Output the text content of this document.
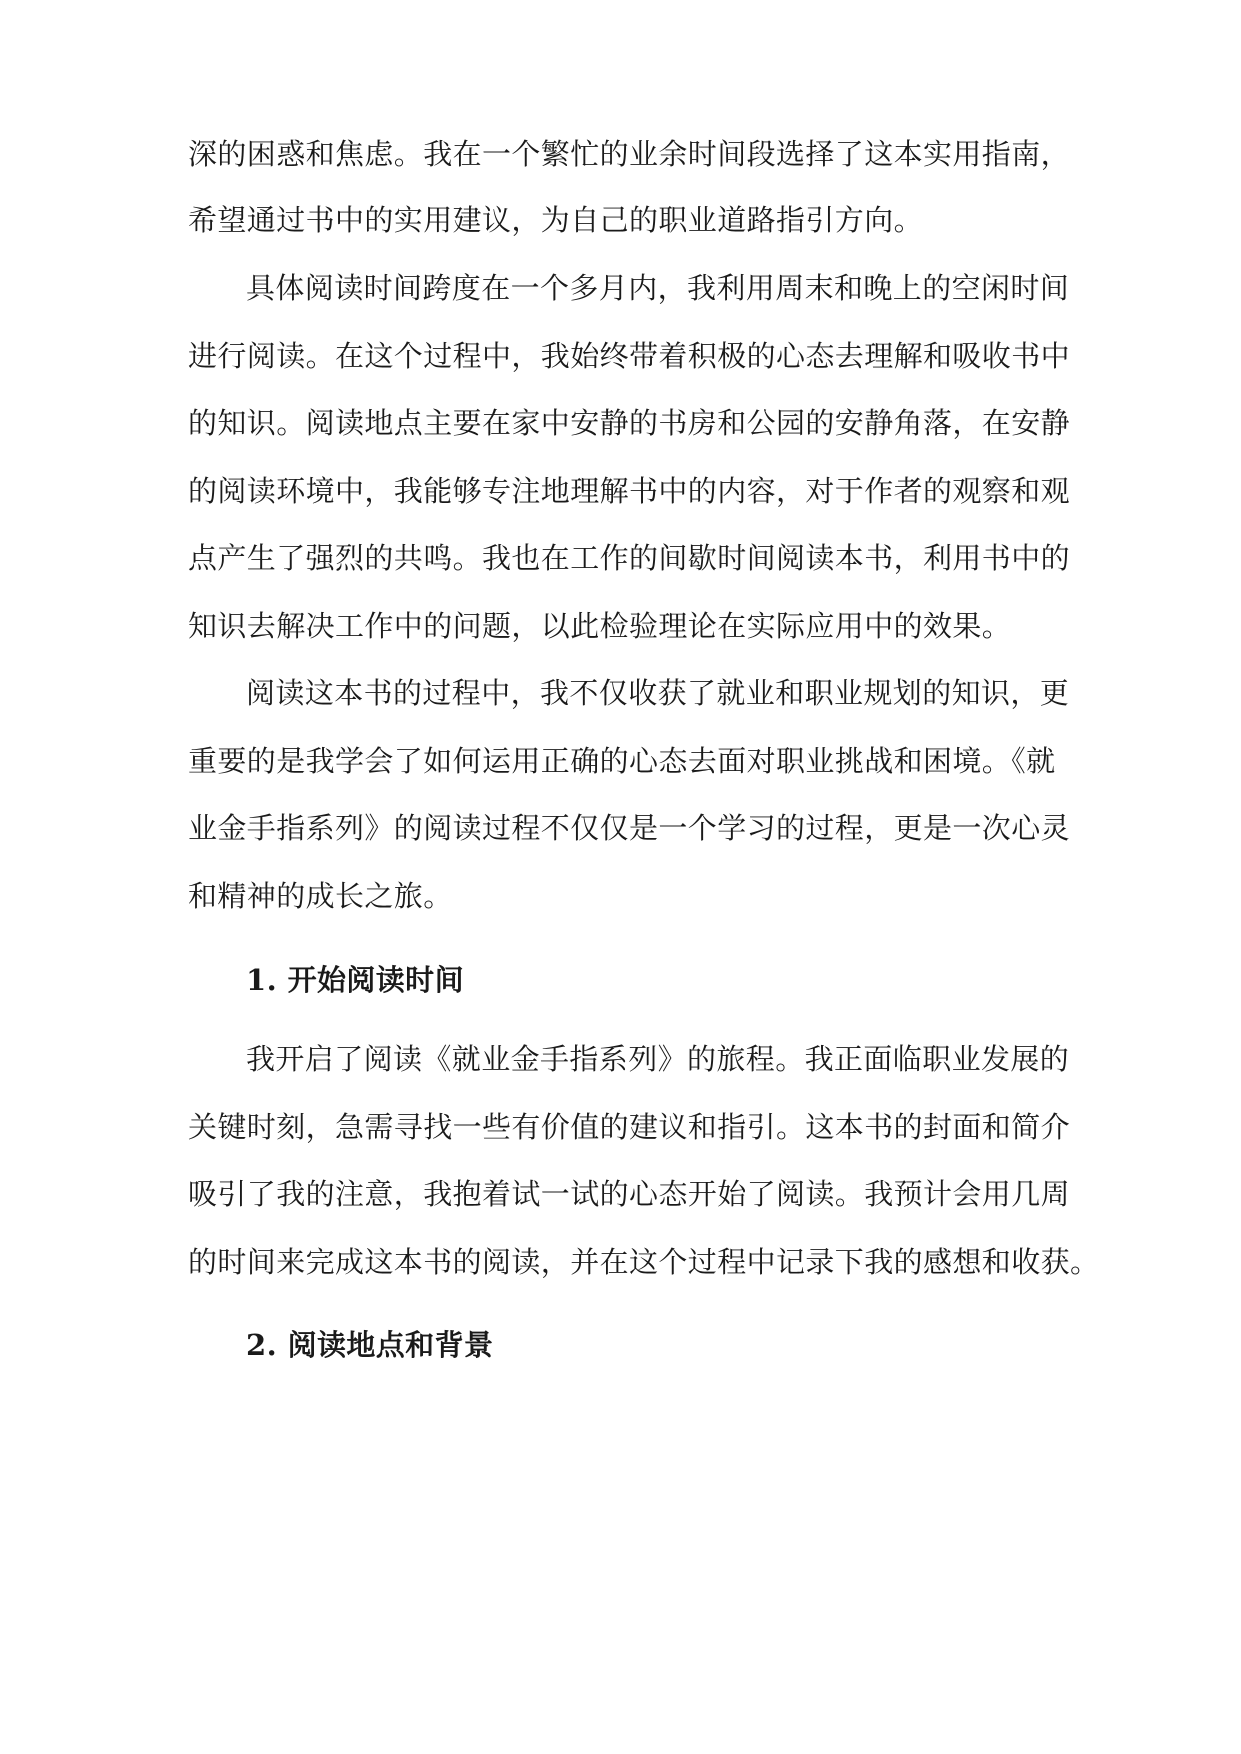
深的困惑和焦虑。我在一个繁忙的业余时间段选择了这本实用指南，
希望通过书中的实用建议，为自己的职业道路指引方向。
具体阅读时间跨度在一个多月内，我利用周末和晚上的空闲时间
进行阅读。在这个过程中，我始终带着积极的心态去理解和吸收书中
的知识。阅读地点主要在家中安静的书房和公园的安静角落，在安静
的阅读环境中，我能够专注地理解书中的内容，对于作者的观察和观
点产生了强烈的共鸣。我也在工作的间歇时间阅读本书，利用书中的
知识去解决工作中的问题，以此检验理论在实际应用中的效果。
阅读这本书的过程中，我不仅收获了就业和职业规划的知识，更
重要的是我学会了如何运用正确的心态去面对职业挑战和困境。《就
业金手指系列》的阅读过程不仅仅是一个学习的过程，更是一次心灵
和精神的成长之旅。
1. 开始阅读时间
我开启了阅读《就业金手指系列》的旅程。我正面临职业发展的
关键时刻，急需寻找一些有价值的建议和指引。这本书的封面和简介
吸引了我的注意，我抱着试一试的心态开始了阅读。我预计会用几周
的时间来完成这本书的阅读，并在这个过程中记录下我的感想和收获。
2. 阅读地点和背景
